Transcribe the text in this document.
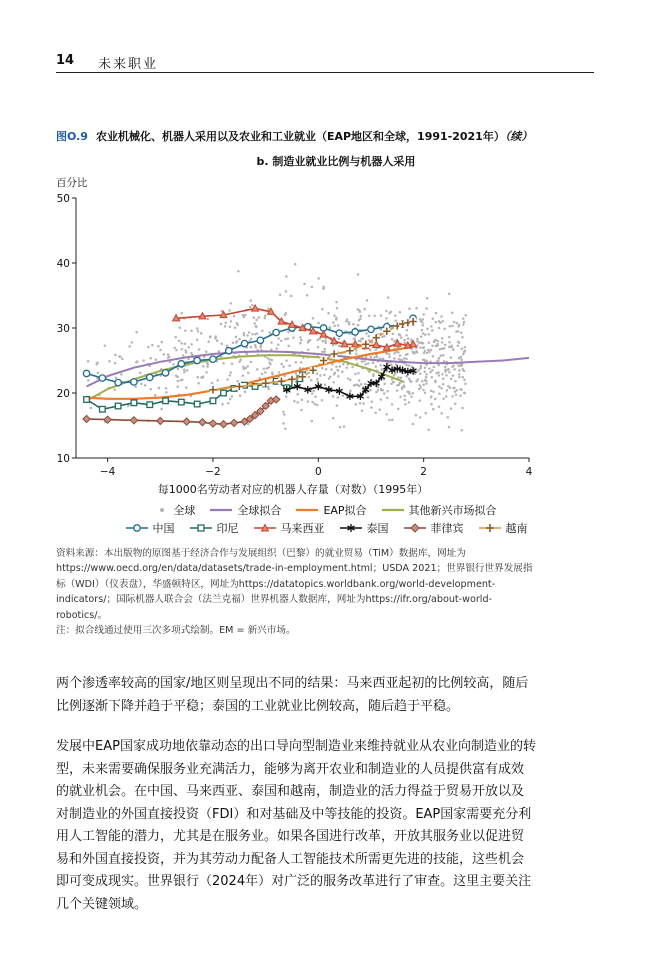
14 未来职业
图O.9 农业机械化、机器人采用以及农业和工业就业（EAP地区和全球，1991-2021年）（续）
b. 制造业就业比例与机器人采用
百分比
−4	−2	0	2	4
10
20
30
40
50
每1000名劳动者对应的机器人存量（对数）（1995年）
全球	全球拟合	EAP拟合	其他新兴市场拟合
中国	印尼	马来西亚	泰国	菲律宾	越南
资料来源：本出版物的原图基于经济合作与发展组织（巴黎）的就业贸易（TiM）数据库，网址为https://www.oecd.org/en/data/datasets/trade-in-employment.html；USDA 2021；世界银行世界发展指标（WDI）（仪表盘），华盛顿特区，网址为https://datatopics.worldbank.org/world-development-indicators/；国际机器人联合会（法兰克福）世界机器人数据库，网址为https://ifr.org/about-world-robotics/。
注：拟合线通过使用三次多项式绘制。EM = 新兴市场。
两个渗透率较高的国家/地区则呈现出不同的结果：马来西亚起初的比例较高，随后比例逐渐下降并趋于平稳；泰国的工业就业比例较高，随后趋于平稳。
发展中EAP国家成功地依靠动态的出口导向型制造业来维持就业从农业向制造业的转型，未来需要确保服务业充满活力，能够为离开农业和制造业的人员提供富有成效的就业机会。在中国、马来西亚、泰国和越南，制造业的活力得益于贸易开放以及对制造业的外国直接投资（FDI）和对基础及中等技能的投资。EAP国家需要充分利用人工智能的潜力，尤其是在服务业。如果各国进行改革，开放其服务业以促进贸易和外国直接投资，并为其劳动力配备人工智能技术所需更先进的技能，这些机会即可变成现实。世界银行（2024年）对广泛的服务改革进行了审查。这里主要关注几个关键领域。
